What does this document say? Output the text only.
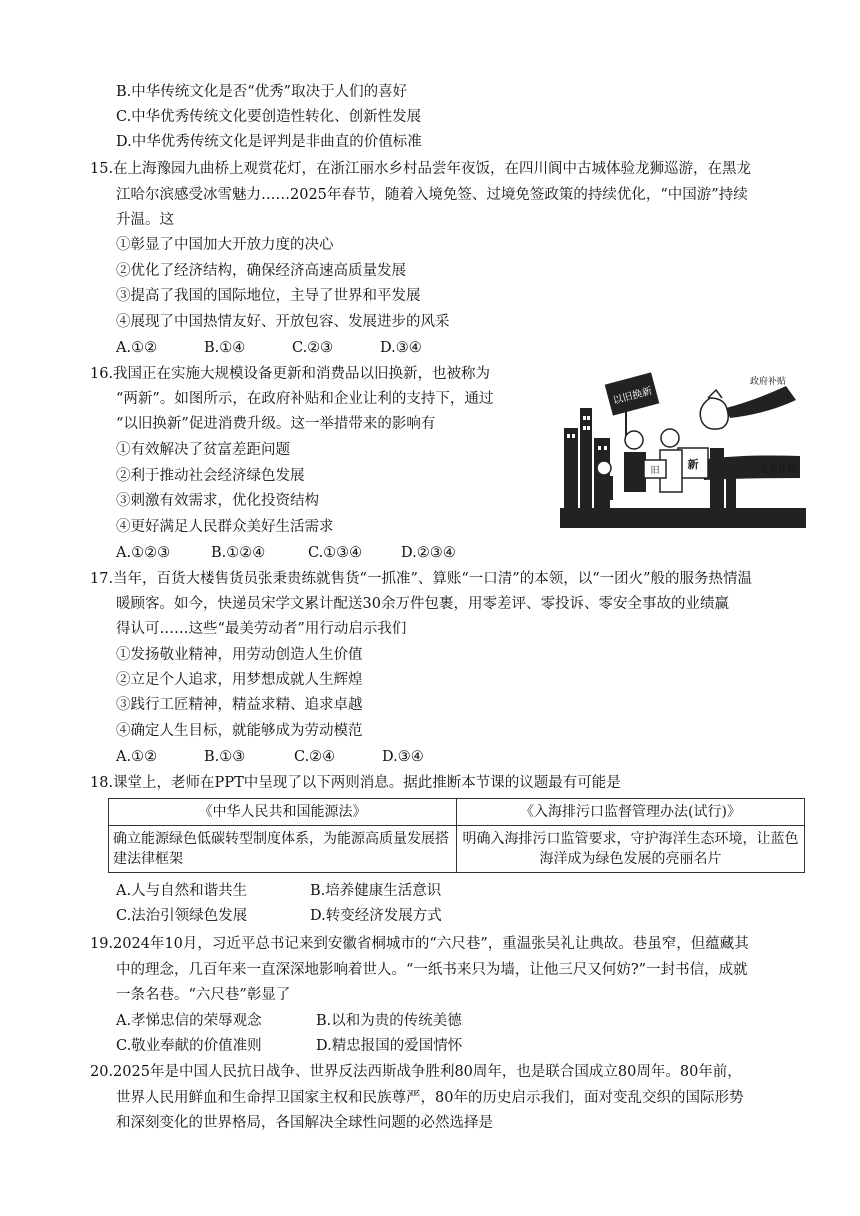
B.中华传统文化是否“优秀”取决于人们的喜好
C.中华优秀传统文化要创造性转化、创新性发展
D.中华优秀传统文化是评判是非曲直的价值标准
15.在上海豫园九曲桥上观赏花灯，在浙江丽水乡村品尝年夜饭，在四川阆中古城体验龙狮巡游，在黑龙
江哈尔滨感受冰雪魅力……2025年春节，随着入境免签、过境免签政策的持续优化，“中国游”持续
升温。这
①彰显了中国加大开放力度的决心
②优化了经济结构，确保经济高速高质量发展
③提高了我国的国际地位，主导了世界和平发展
④展现了中国热情友好、开放包容、发展进步的风采
A.①②	B.①④	C.②③	D.③④
16.我国正在实施大规模设备更新和消费品以旧换新，也被称为
“两新”。如图所示，在政府补贴和企业让利的支持下，通过
“以旧换新”促进消费升级。这一举措带来的影响有
①有效解决了贫富差距问题
②利于推动社会经济绿色发展
③刺激有效需求，优化投资结构
④更好满足人民群众美好生活需求
A.①②③	B.①②④	C.①③④	D.②③④
以旧换新
政府补贴
新	企业让利
旧
17.当年，百货大楼售货员张秉贵练就售货“一抓准”、算账“一口清”的本领，以“一团火”般的服务热情温
暖顾客。如今，快递员宋学文累计配送30余万件包裹，用零差评、零投诉、零安全事故的业绩赢
得认可……这些“最美劳动者”用行动启示我们
①发扬敬业精神，用劳动创造人生价值
②立足个人追求，用梦想成就人生辉煌
③践行工匠精神，精益求精、追求卓越
④确定人生目标，就能够成为劳动模范
A.①②	B.①③	C.②④	D.③④
18.课堂上，老师在PPT中呈现了以下两则消息。据此推断本节课的议题最有可能是
《中华人民共和国能源法》	《入海排污口监督管理办法(试行)》
确立能源绿色低碳转型制度体系，为能源高质量发展搭建法律框架	明确入海排污口监管要求，守护海洋生态环境，让蓝色海洋成为绿色发展的亮丽名片
A.人与自然和谐共生	B.培养健康生活意识
C.法治引领绿色发展	D.转变经济发展方式
19.2024年10月，习近平总书记来到安徽省桐城市的“六尺巷”，重温张吴礼让典故。巷虽窄，但蕴藏其
中的理念，几百年来一直深深地影响着世人。“一纸书来只为墙，让他三尺又何妨?”一封书信，成就
一条名巷。“六尺巷”彰显了
A.孝悌忠信的荣辱观念	B.以和为贵的传统美德
C.敬业奉献的价值准则	D.精忠报国的爱国情怀
20.2025年是中国人民抗日战争、世界反法西斯战争胜利80周年，也是联合国成立80周年。80年前，
世界人民用鲜血和生命捍卫国家主权和民族尊严，80年的历史启示我们，面对变乱交织的国际形势
和深刻变化的世界格局，各国解决全球性问题的必然选择是
